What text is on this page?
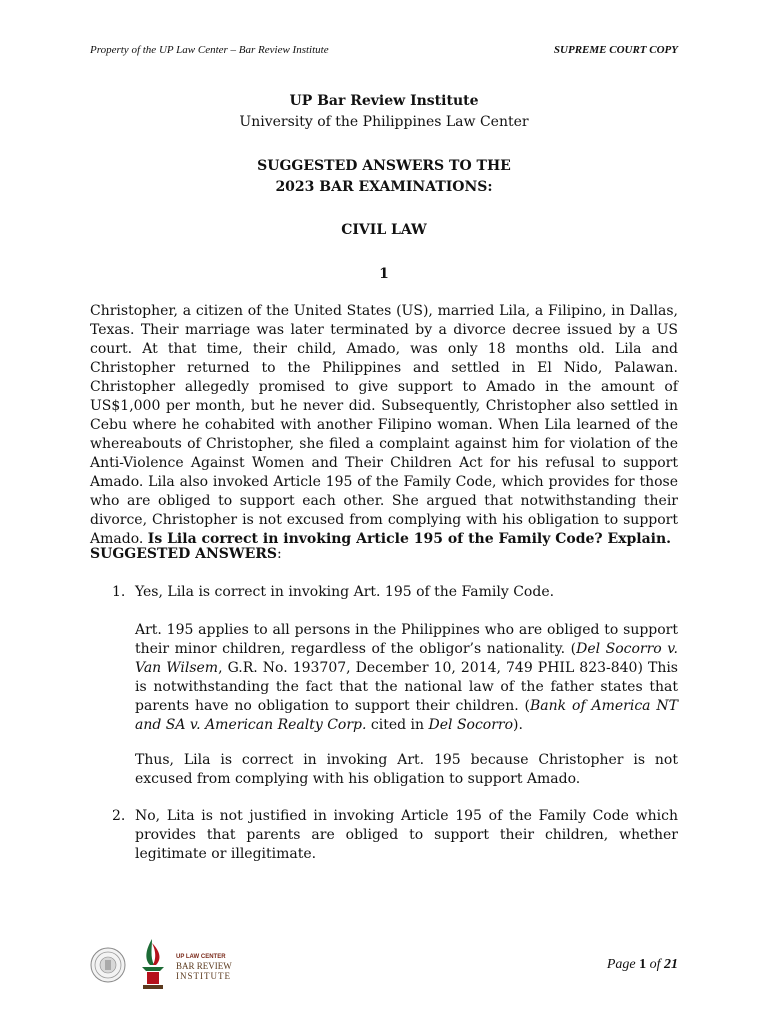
Property of the UP Law Center – Bar Review Institute	SUPREME COURT COPY
UP Bar Review Institute
University of the Philippines Law Center
SUGGESTED ANSWERS TO THE
2023 BAR EXAMINATIONS:
CIVIL LAW
1

Christopher, a citizen of the United States (US), married Lila, a Filipino, in Dallas, Texas. Their marriage was later terminated by a divorce decree issued by a US court. At that time, their child, Amado, was only 18 months old. Lila and Christopher returned to the Philippines and settled in El Nido, Palawan. Christopher allegedly promised to give support to Amado in the amount of US$1,000 per month, but he never did. Subsequently, Christopher also settled in Cebu where he cohabited with another Filipino woman. When Lila learned of the whereabouts of Christopher, she filed a complaint against him for violation of the Anti-Violence Against Women and Their Children Act for his refusal to support Amado. Lila also invoked Article 195 of the Family Code, which provides for those who are obliged to support each other. She argued that notwithstanding their divorce, Christopher is not excused from complying with his obligation to support Amado. Is Lila correct in invoking Article 195 of the Family Code? Explain.

SUGGESTED ANSWERS:
1. Yes, Lila is correct in invoking Art. 195 of the Family Code.

Art. 195 applies to all persons in the Philippines who are obliged to support their minor children, regardless of the obligor’s nationality. (Del Socorro v. Van Wilsem, G.R. No. 193707, December 10, 2014, 749 PHIL 823-840) This is notwithstanding the fact that the national law of the father states that parents have no obligation to support their children. (Bank of America NT and SA v. American Realty Corp. cited in Del Socorro).

Thus, Lila is correct in invoking Art. 195 because Christopher is not excused from complying with his obligation to support Amado.

2. No, Lita is not justified in invoking Article 195 of the Family Code which provides that parents are obliged to support their children, whether legitimate or illegitimate.

UP LAW CENTER
BAR REVIEW
INSTITUTE
Page 1 of 21
